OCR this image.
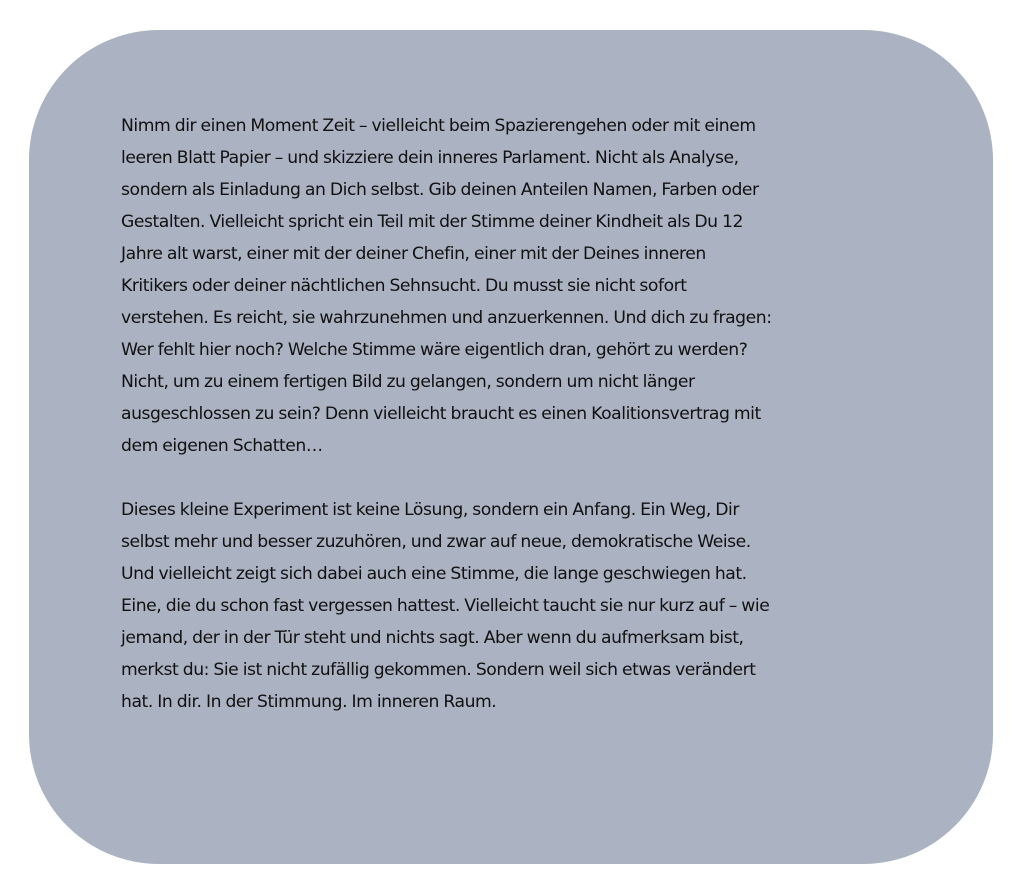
Nimm dir einen Moment Zeit – vielleicht beim Spazierengehen oder mit einem
leeren Blatt Papier – und skizziere dein inneres Parlament. Nicht als Analyse,
sondern als Einladung an Dich selbst. Gib deinen Anteilen Namen, Farben oder
Gestalten. Vielleicht spricht ein Teil mit der Stimme deiner Kindheit als Du 12
Jahre alt warst, einer mit der deiner Chefin, einer mit der Deines inneren
Kritikers oder deiner nächtlichen Sehnsucht. Du musst sie nicht sofort
verstehen. Es reicht, sie wahrzunehmen und anzuerkennen. Und dich zu fragen:
Wer fehlt hier noch? Welche Stimme wäre eigentlich dran, gehört zu werden?
Nicht, um zu einem fertigen Bild zu gelangen, sondern um nicht länger
ausgeschlossen zu sein? Denn vielleicht braucht es einen Koalitionsvertrag mit
dem eigenen Schatten…

Dieses kleine Experiment ist keine Lösung, sondern ein Anfang. Ein Weg, Dir
selbst mehr und besser zuzuhören, und zwar auf neue, demokratische Weise.
Und vielleicht zeigt sich dabei auch eine Stimme, die lange geschwiegen hat.
Eine, die du schon fast vergessen hattest. Vielleicht taucht sie nur kurz auf – wie
jemand, der in der Tür steht und nichts sagt. Aber wenn du aufmerksam bist,
merkst du: Sie ist nicht zufällig gekommen. Sondern weil sich etwas verändert
hat. In dir. In der Stimmung. Im inneren Raum.
